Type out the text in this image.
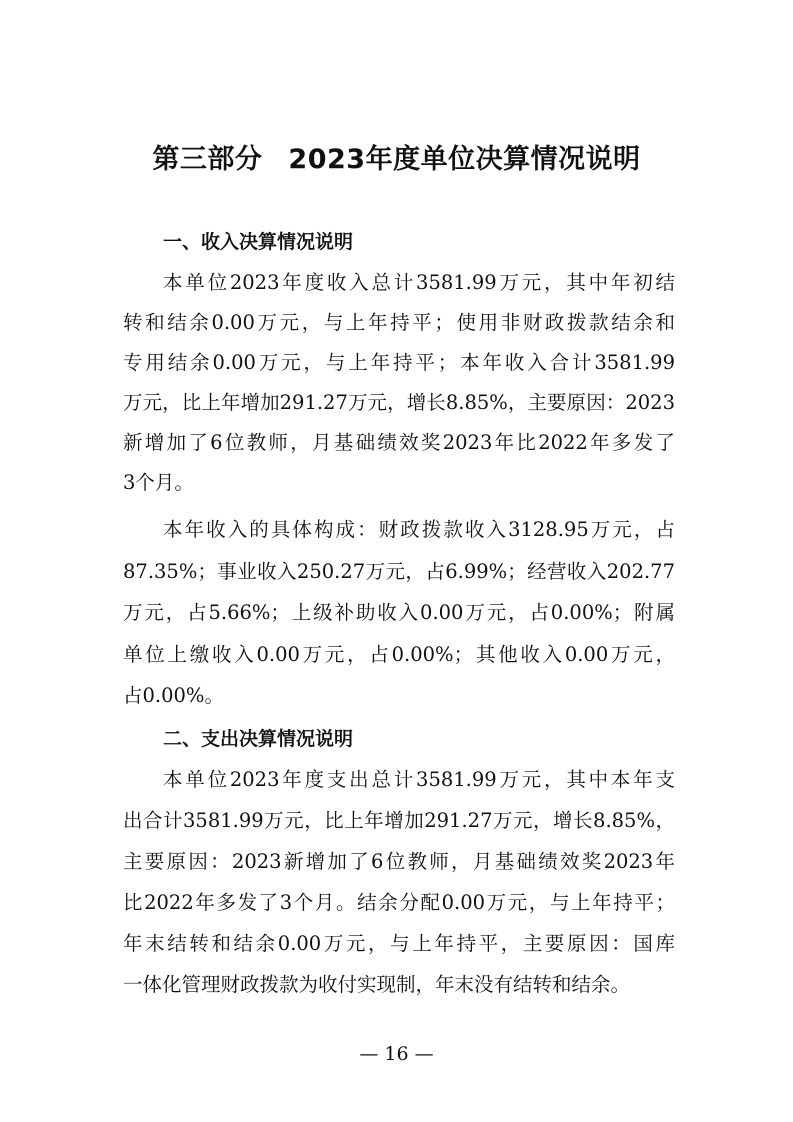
第三部分 2023年度单位决算情况说明
一、收入决算情况说明
本单位2023年度收入总计3581.99万元，其中年初结
转和结余0.00万元，与上年持平；使用非财政拨款结余和
专用结余0.00万元，与上年持平；本年收入合计3581.99
万元，比上年增加291.27万元，增长8.85%，主要原因：2023
新增加了6位教师，月基础绩效奖2023年比2022年多发了
3个月。
本年收入的具体构成：财政拨款收入3128.95万元，占
87.35%；事业收入250.27万元，占6.99%；经营收入202.77
万元，占5.66%；上级补助收入0.00万元，占0.00%；附属
单位上缴收入0.00万元，占0.00%；其他收入0.00万元，
占0.00%。
二、支出决算情况说明
本单位2023年度支出总计3581.99万元，其中本年支
出合计3581.99万元，比上年增加291.27万元，增长8.85%，
主要原因：2023新增加了6位教师，月基础绩效奖2023年
比2022年多发了3个月。结余分配0.00万元，与上年持平；
年末结转和结余0.00万元，与上年持平，主要原因：国库
一体化管理财政拨款为收付实现制，年末没有结转和结余。
— 16 —
